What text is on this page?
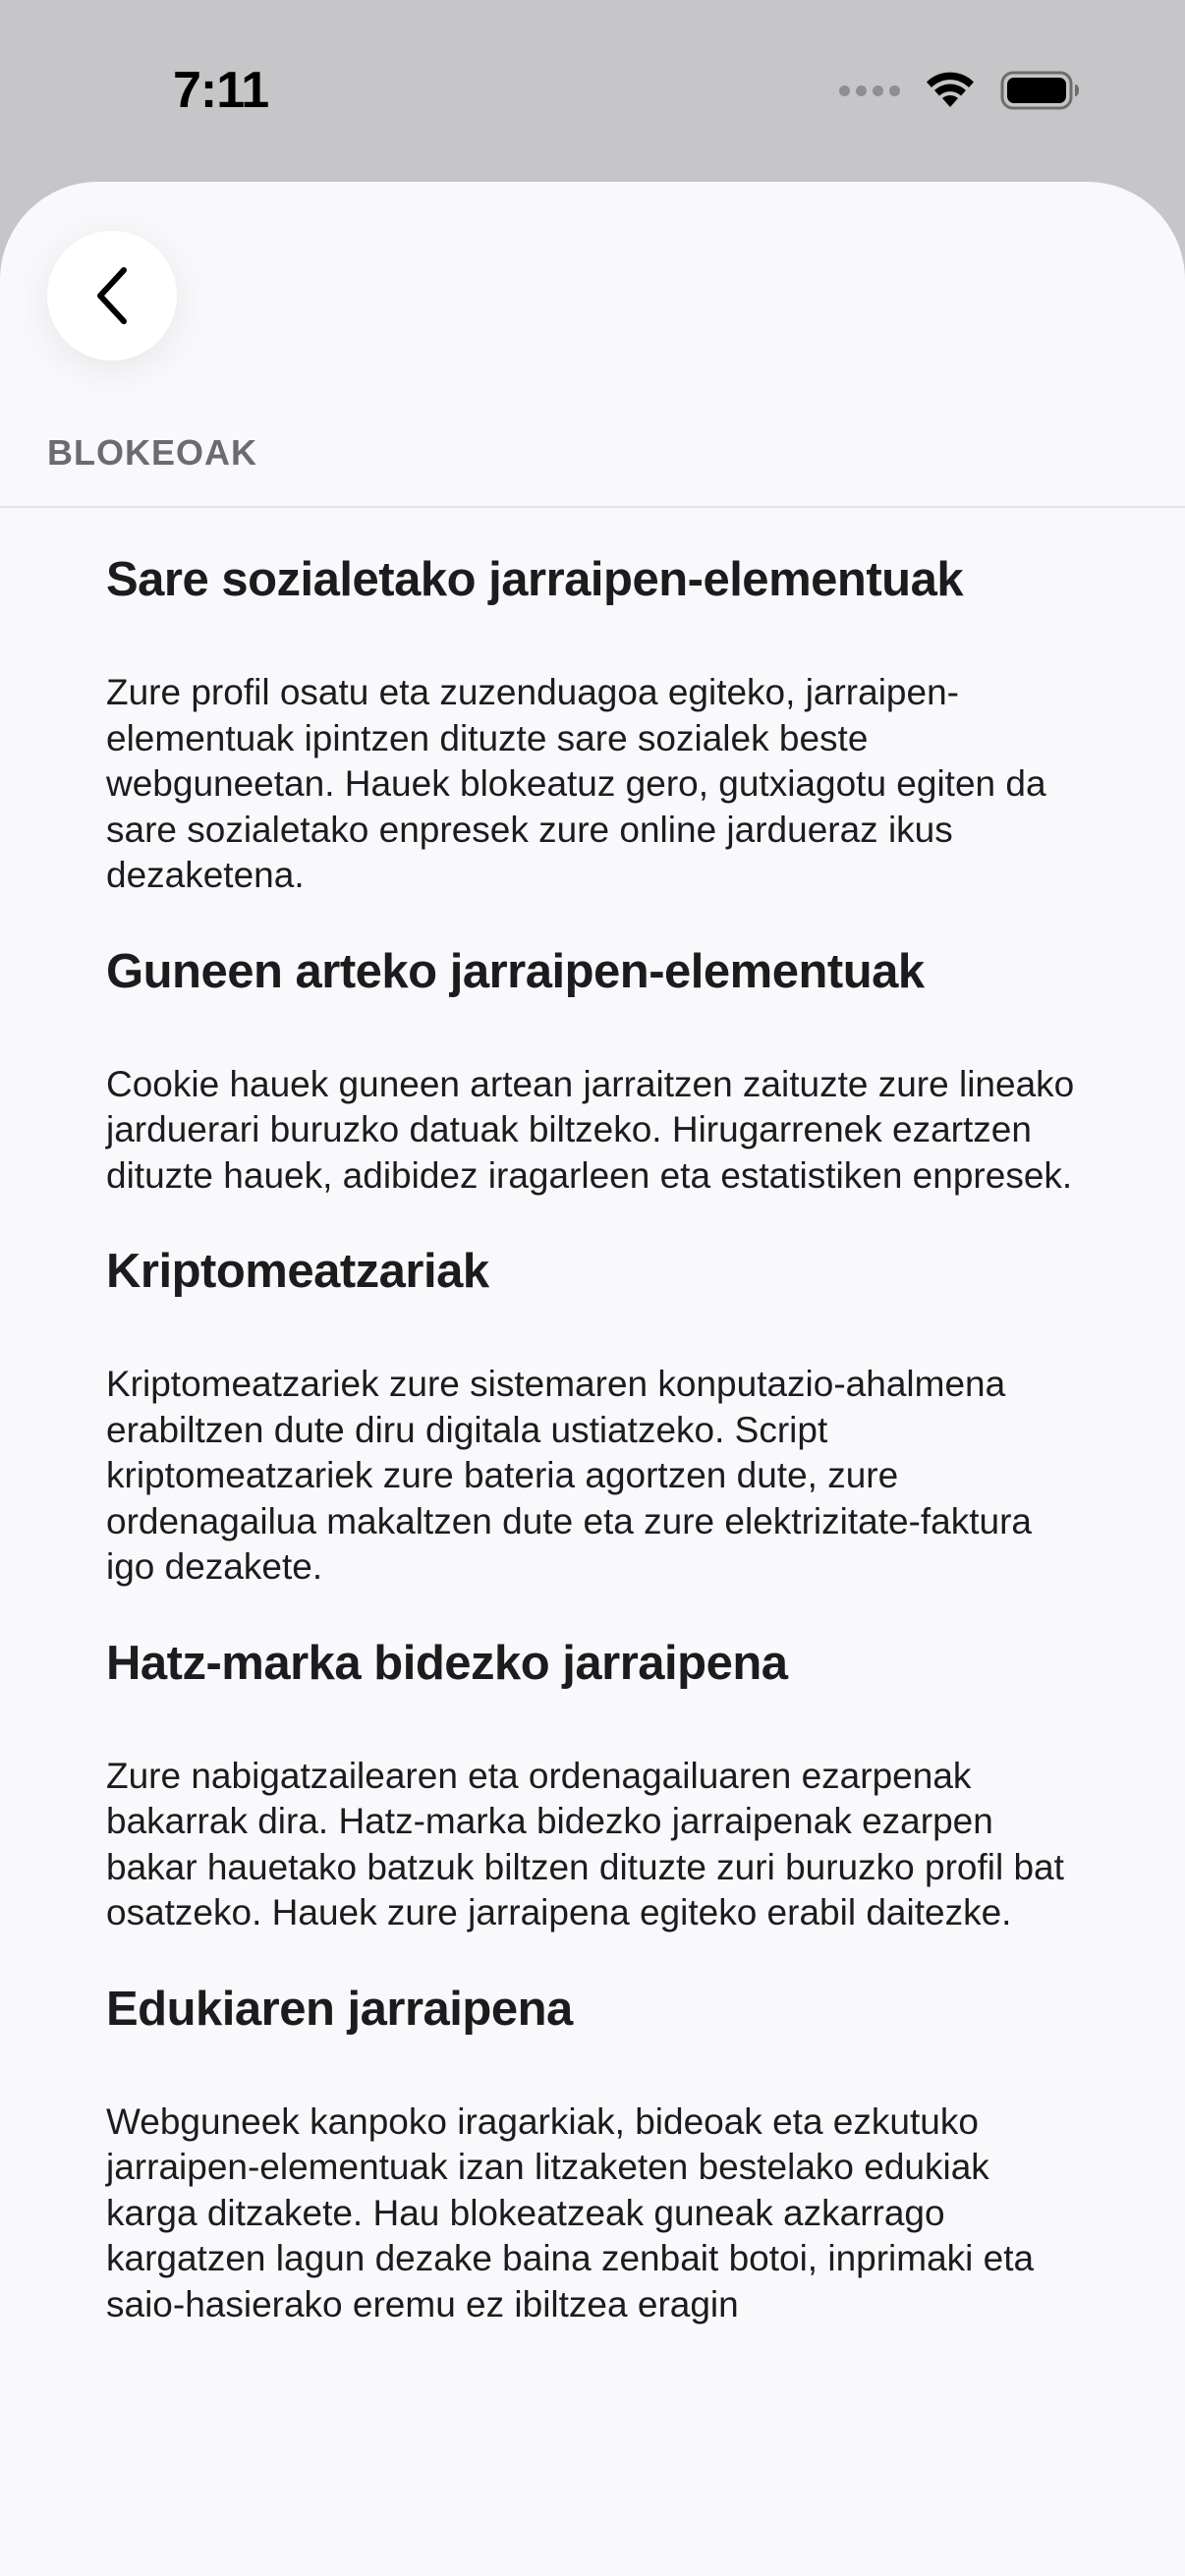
7:11
BLOKEOAK
Sare sozialetako jarraipen-elementuak

Zure profil osatu eta zuzenduagoa egiteko, jarraipen-elementuak ipintzen dituzte sare sozialek beste webguneetan. Hauek blokeatuz gero, gutxiagotu egiten da sare sozialetako enpresek zure online jardueraz ikus dezaketena.

Guneen arteko jarraipen-elementuak

Cookie hauek guneen artean jarraitzen zaituzte zure lineako jarduerari buruzko datuak biltzeko. Hirugarrenek ezartzen dituzte hauek, adibidez iragarleen eta estatistiken enpresek.

Kriptomeatzariak

Kriptomeatzariek zure sistemaren konputazio-ahalmena erabiltzen dute diru digitala ustiatzeko. Script kriptomeatzariek zure bateria agortzen dute, zure ordenagailua makaltzen dute eta zure elektrizitate-faktura igo dezakete.

Hatz-marka bidezko jarraipena

Zure nabigatzailearen eta ordenagailuaren ezarpenak bakarrak dira. Hatz-marka bidezko jarraipenak ezarpen bakar hauetako batzuk biltzen dituzte zuri buruzko profil bat osatzeko. Hauek zure jarraipena egiteko erabil daitezke.

Edukiaren jarraipena

Webguneek kanpoko iragarkiak, bideoak eta ezkutuko jarraipen-elementuak izan litzaketen bestelako edukiak karga ditzakete. Hau blokeatzeak guneak azkarrago kargatzen lagun dezake baina zenbait botoi, inprimaki eta saio-hasierako eremu ez ibiltzea eragin
